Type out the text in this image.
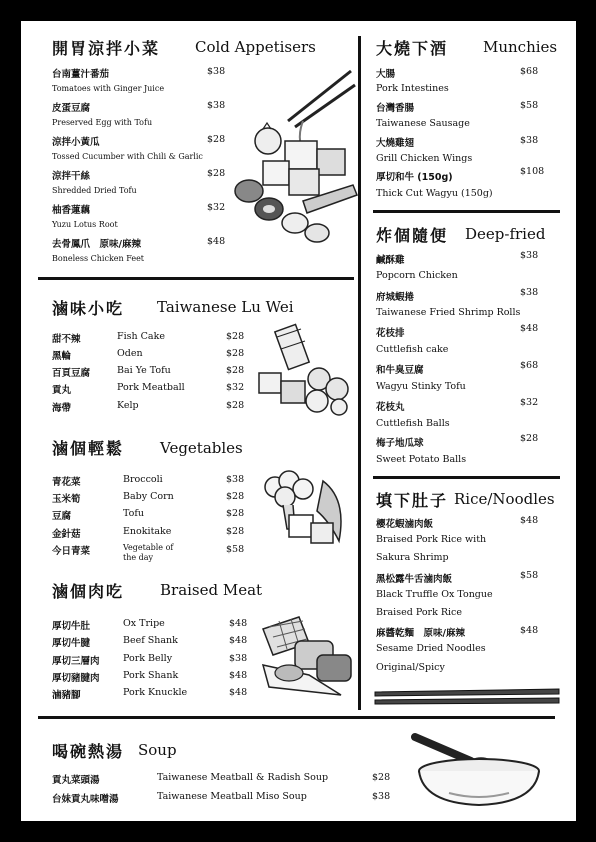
開胃涼拌小菜 Cold Appetisers
台南薑汁番茄
Tomatoes with Ginger Juice
$38
皮蛋豆腐
Preserved Egg with Tofu
$38
涼拌小黃瓜
Tossed Cucumber with Chili & Garlic
$28
涼拌干絲
Shredded Dried Tofu
$28
柚香蓮藕
Yuzu Lotus Root
$32
去骨鳳爪　原味/麻辣
Boneless Chicken Feet
$48
大燒下酒 Munchies
大腸
Pork Intestines
$68
台灣香腸
Taiwanese Sausage
$58
大燒雞翅
Grill Chicken Wings
$38
厚切和牛 (150g)
Thick Cut Wagyu (150g)
$108
炸個隨便 Deep-fried
鹹酥雞
Popcorn Chicken
$38
府城蝦捲
Taiwanese Fried Shrimp Rolls
$38
花枝排
Cuttlefish cake
$48
和牛臭豆腐
Wagyu Stinky Tofu
$68
花枝丸
Cuttlefish Balls
$32
梅子地瓜球
Sweet Potato Balls
$28
填下肚子 Rice/Noodles
櫻花蝦滷肉飯
Braised Pork Rice with
Sakura Shrimp
$48
黑松露牛舌滷肉飯
Black Truffle Ox Tongue
Braised Pork Rice
$58
麻醬乾麵　原味/麻辣
Sesame Dried Noodles
Original/Spicy
$48
滷味小吃 Taiwanese Lu Wei
甜不辣	Fish Cake	$28
黑輪	Oden	$28
百頁豆腐	Bai Ye Tofu	$28
貢丸	Pork Meatball	$32
海帶	Kelp	$28
滷個輕鬆 Vegetables
青花菜	Broccoli	$38
玉米筍	Baby Corn	$28
豆腐	Tofu	$28
金針菇	Enokitake	$28
今日青菜	Vegetable of
the day
$58
滷個肉吃 Braised Meat
厚切牛肚	Ox Tripe	$48
厚切牛腱	Beef Shank	$48
厚切三層肉 Pork Belly	$38
厚切豬腱肉 Pork Shank	$48
滷豬腳	Pork Knuckle	$48
喝碗熱湯 Soup
貢丸菜頭湯	Taiwanese Meatball & Radish Soup	$28
台妹貢丸味噌湯	Taiwanese Meatball Miso Soup	$38
